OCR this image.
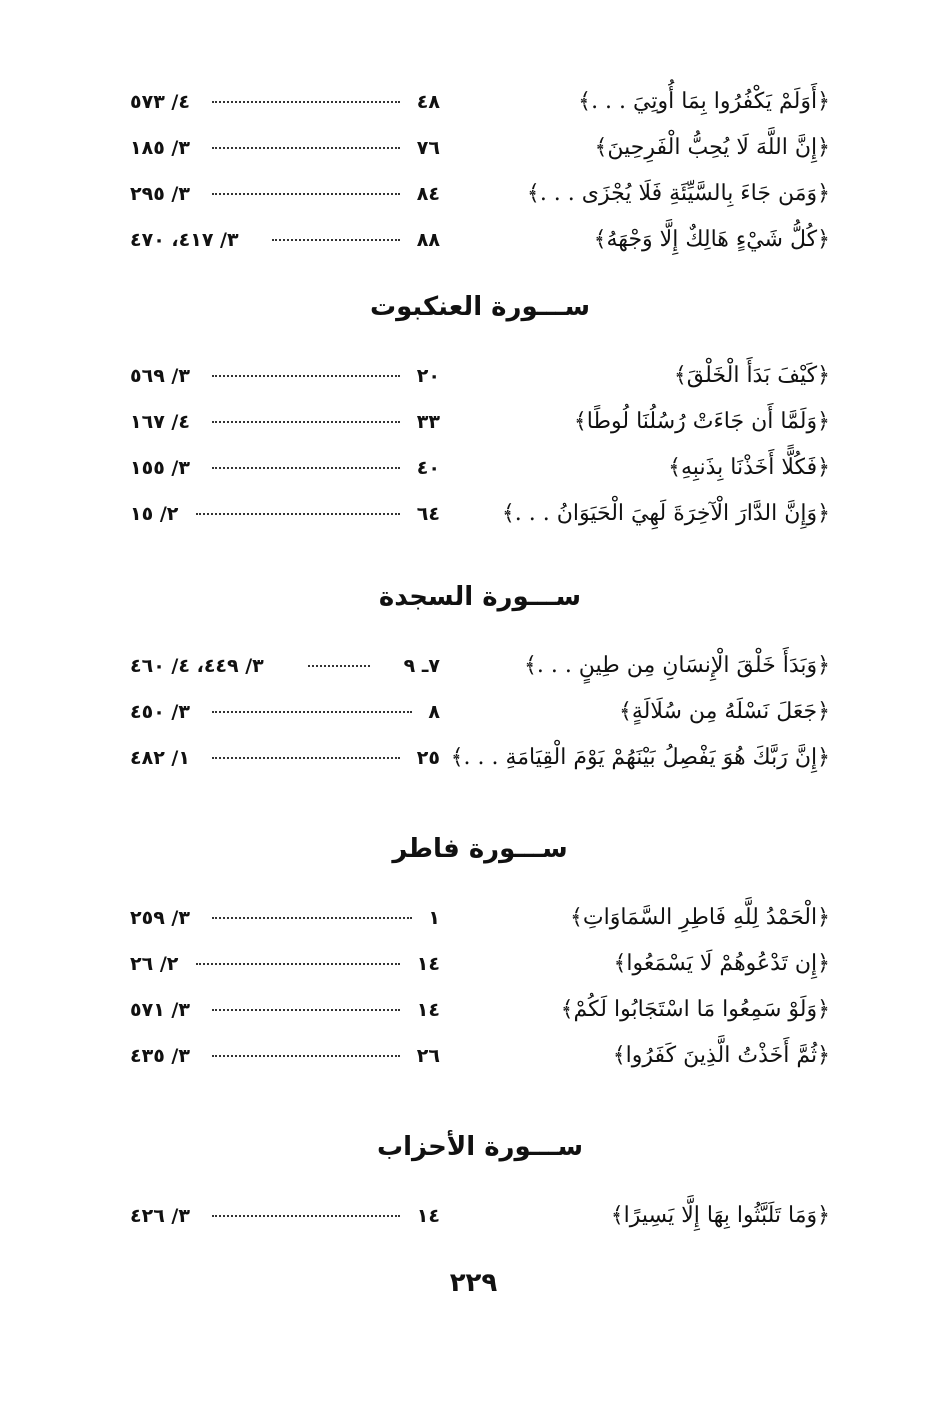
﴿أَوَلَمْ يَكْفُرُوا بِمَا أُوتِيَ . . .﴾
٤٨
٤/ ٥٧٣
﴿إِنَّ اللَّهَ لَا يُحِبُّ الْفَرِحِينَ﴾
٧٦
٣/ ١٨٥
﴿وَمَن جَاءَ بِالسَّيِّئَةِ فَلَا يُجْزَى . . .﴾
٨٤
٣/ ٢٩٥
﴿كُلُّ شَيْءٍ هَالِكٌ إِلَّا وَجْهَهُ﴾
٨٨
٣/ ٤١٧، ٤٧٠
ســـورة العنكبوت
﴿كَيْفَ بَدَأَ الْخَلْقَ﴾
٢٠
٣/ ٥٦٩
﴿وَلَمَّا أَن جَاءَتْ رُسُلُنَا لُوطًا﴾
٣٣
٤/ ١٦٧
﴿فَكُلًّا أَخَذْنَا بِذَنبِهِ﴾
٤٠
٣/ ١٥٥
﴿وَإِنَّ الدَّارَ الْآخِرَةَ لَهِيَ الْحَيَوَانُ . . .﴾
٦٤
٢/ ١٥
ســـورة السجدة
﴿وَبَدَأَ خَلْقَ الْإِنسَانِ مِن طِينٍ . . .﴾
٧ـ ٩
٣/ ٤٤٩، ٤/ ٤٦٠
﴿جَعَلَ نَسْلَهُ مِن سُلَالَةٍ﴾
٨
٣/ ٤٥٠
﴿إِنَّ رَبَّكَ هُوَ يَفْصِلُ بَيْنَهُمْ يَوْمَ الْقِيَامَةِ . . .﴾
٢٥
١/ ٤٨٢
ســـورة فاطر
﴿الْحَمْدُ لِلَّهِ فَاطِرِ السَّمَاوَاتِ﴾
١
٣/ ٢٥٩
﴿إِن تَدْعُوهُمْ لَا يَسْمَعُوا﴾
١٤
٢/ ٢٦
﴿وَلَوْ سَمِعُوا مَا اسْتَجَابُوا لَكُمْ﴾
١٤
٣/ ٥٧١
﴿ثُمَّ أَخَذْتُ الَّذِينَ كَفَرُوا﴾
٢٦
٣/ ٤٣٥
ســـورة الأحزاب
﴿وَمَا تَلَبَّثُوا بِهَا إِلَّا يَسِيرًا﴾
١٤
٣/ ٤٢٦
٢٢٩
